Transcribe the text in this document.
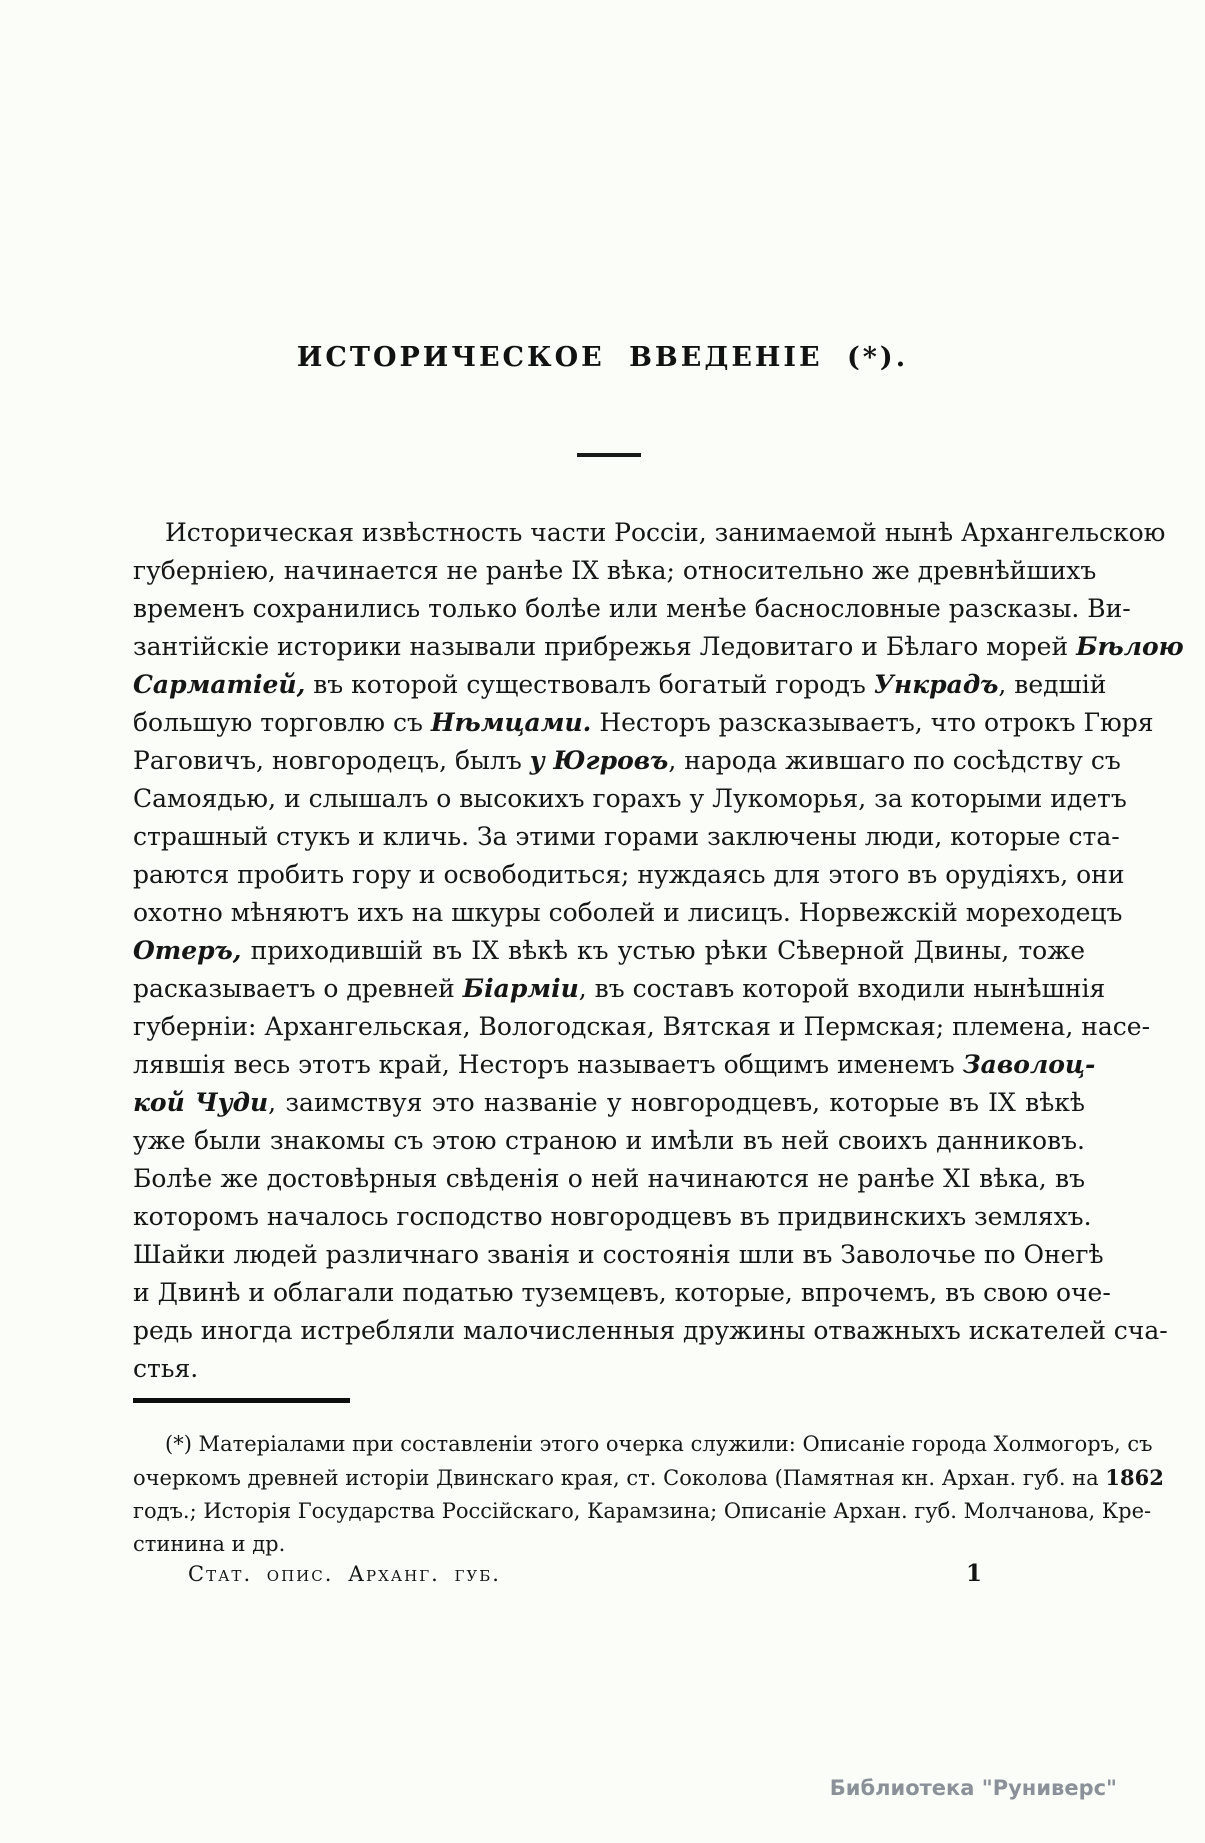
ИСТОРИЧЕСКОЕ ВВЕДЕНІЕ (*).
Историческая извѣстность части Россіи, занимаемой нынѣ Архангельскою
губерніею, начинается не ранѣе IX вѣка; относительно же древнѣйшихъ
временъ сохранились только болѣе или менѣе баснословные разсказы. Ви-
зантійскіе историки называли прибрежья Ледовитаго и Бѣлаго морей Бѣлою
Сарматіей, въ которой существовалъ богатый городъ Ункрадъ, ведшій
большую торговлю съ Нѣмцами. Несторъ разсказываетъ, что отрокъ Гюря
Раговичъ, новгородецъ, былъ у Югровъ, народа жившаго по сосѣдству съ
Самоядью, и слышалъ о высокихъ горахъ у Лукоморья, за которыми идетъ
страшный стукъ и кличь. За этими горами заключены люди, которые ста-
раются пробить гору и освободиться; нуждаясь для этого въ орудіяхъ, они
охотно мѣняютъ ихъ на шкуры соболей и лисицъ. Норвежскій мореходецъ
Отеръ, приходившій въ IX вѣкѣ къ устью рѣки Сѣверной Двины, тоже
расказываетъ о древней Біарміи, въ составъ которой входили нынѣшнія
губерніи: Архангельская, Вологодская, Вятская и Пермская; племена, насе-
лявшія весь этотъ край, Несторъ называетъ общимъ именемъ Заволоц-
кой Чуди, заимствуя это названіе у новгородцевъ, которые въ IX вѣкѣ
уже были знакомы съ этою страною и имѣли въ ней своихъ данниковъ.
Болѣе же достовѣрныя свѣденія о ней начинаются не ранѣе XI вѣка, въ
которомъ началось господство новгородцевъ въ придвинскихъ земляхъ.
Шайки людей различнаго званія и состоянія шли въ Заволочье по Онегѣ
и Двинѣ и облагали податью туземцевъ, которые, впрочемъ, въ свою оче-
редь иногда истребляли малочисленныя дружины отважныхъ искателей сча-
стья.
(*) Матеріалами при составленіи этого очерка служили: Описаніе города Холмогоръ, съ
очеркомъ древней исторіи Двинскаго края, ст. Соколова (Памятная кн. Архан. губ. на 1862
годъ.; Исторія Государства Россійскаго, Карамзина; Описаніе Архан. губ. Молчанова, Кре-
стинина и др.
Стат. опис. Арханг. губ.	1
Библиотека "Руниверс"
